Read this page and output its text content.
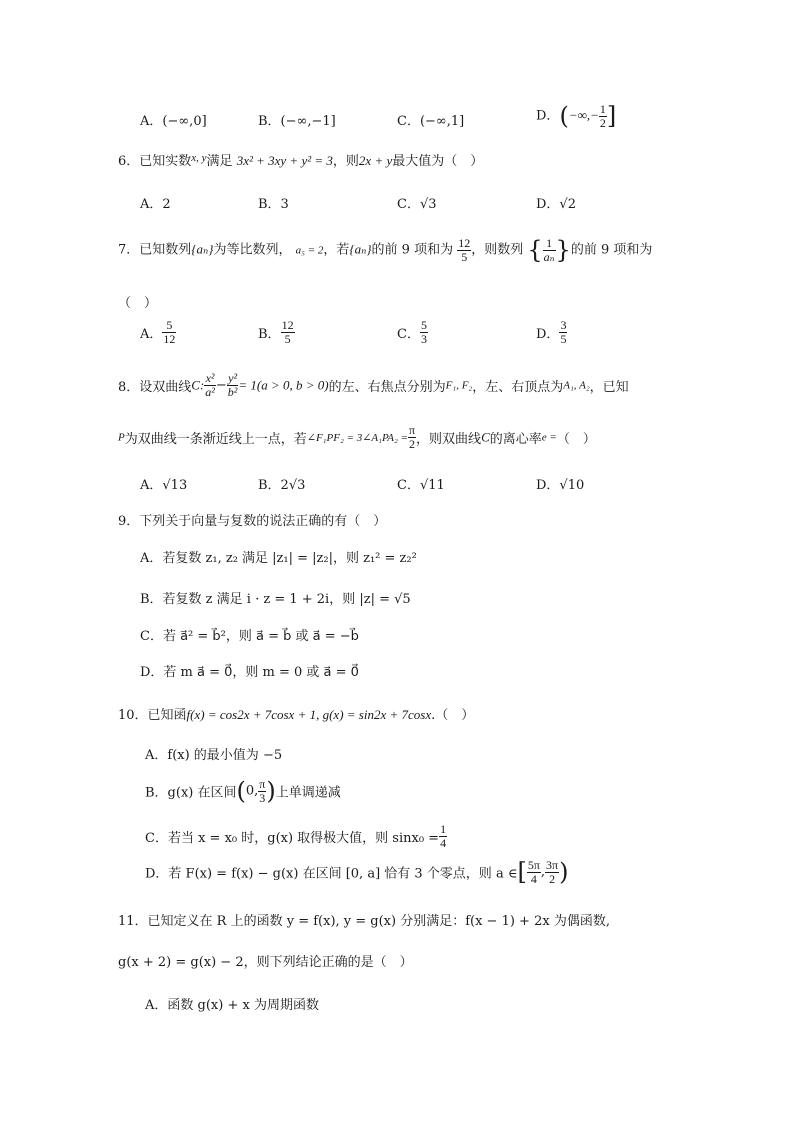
A．(−∞,0]	B．(−∞,−1]	C．(−∞,1]	D．(−∞,− $\frac{1}{2}$ ]
6．已知实数$^{x, y}$满足 3x² + 3xy + y² = 3，则2x + y最大值为（　）
A．2	B．3	C．√3	D．√2
7．已知数列{aₙ}为等比数列， a₅ = 2，若{aₙ}的前 9 项和为 $\frac{12}{5}$ ，则数列 { $\frac{1}{\text{aₙ}}$ }的前 9 项和为
（　）
A． $\frac{5}{12}$	B． $\frac{12}{5}$	C． $\frac{5}{3}$	D． $\frac{3}{5}$
8．设双曲线C: $\frac{\text{x²}}{\text{a²}} - \frac{\text{y²}}{\text{b²}} = 1(a > 0$, b > 0)的左、右焦点分别为F₁, F₂，左、右顶点为A₁, A₂，已知
P为双曲线一条渐近线上一点，若∠F₁PF₂ = 3∠A₁PA₂ = $\frac{\pi}{2}$ ，则双曲线C的离心率e =（　）
A．√13	B．2√3	C．√11	D．√10
9．下列关于向量与复数的说法正确的有（　）
A．若复数 z₁, z₂ 满足 |z₁| = |z₂|，则 z₁² = z₂²
B．若复数 z 满足 i · z = 1 + 2i，则 |z| = √5
C．若 a⃗² = b⃗²，则 a⃗ = b⃗ 或 a⃗ = −b⃗
D．若 m a⃗ = 0⃗，则 m = 0 或 a⃗ = 0⃗
10．已知函f(x) = cos2x + 7cosx + 1, g(x) = sin2x + 7cosx.（　）
A．f(x) 的最小值为 −5
B．g(x) 在区间(0, $\frac{\pi}{3}$ )上单调递减
C．若当 x = x₀ 时，g(x) 取得极大值，则 $\sin x_0 = \frac{1}{4}$
D．若 F(x) = f(x) − g(x) 在区间 [0, a] 恰有 3 个零点，则 a ∈[ $\frac{5\pi}{4}$ , $\frac{3\pi}{2}$ )
11．已知定义在 R 上的函数 y = f(x), y = g(x) 分别满足：f(x − 1) + 2x 为偶函数,
g(x + 2) = g(x) − 2，则下列结论正确的是（　）
A．函数 g(x) + x 为周期函数
